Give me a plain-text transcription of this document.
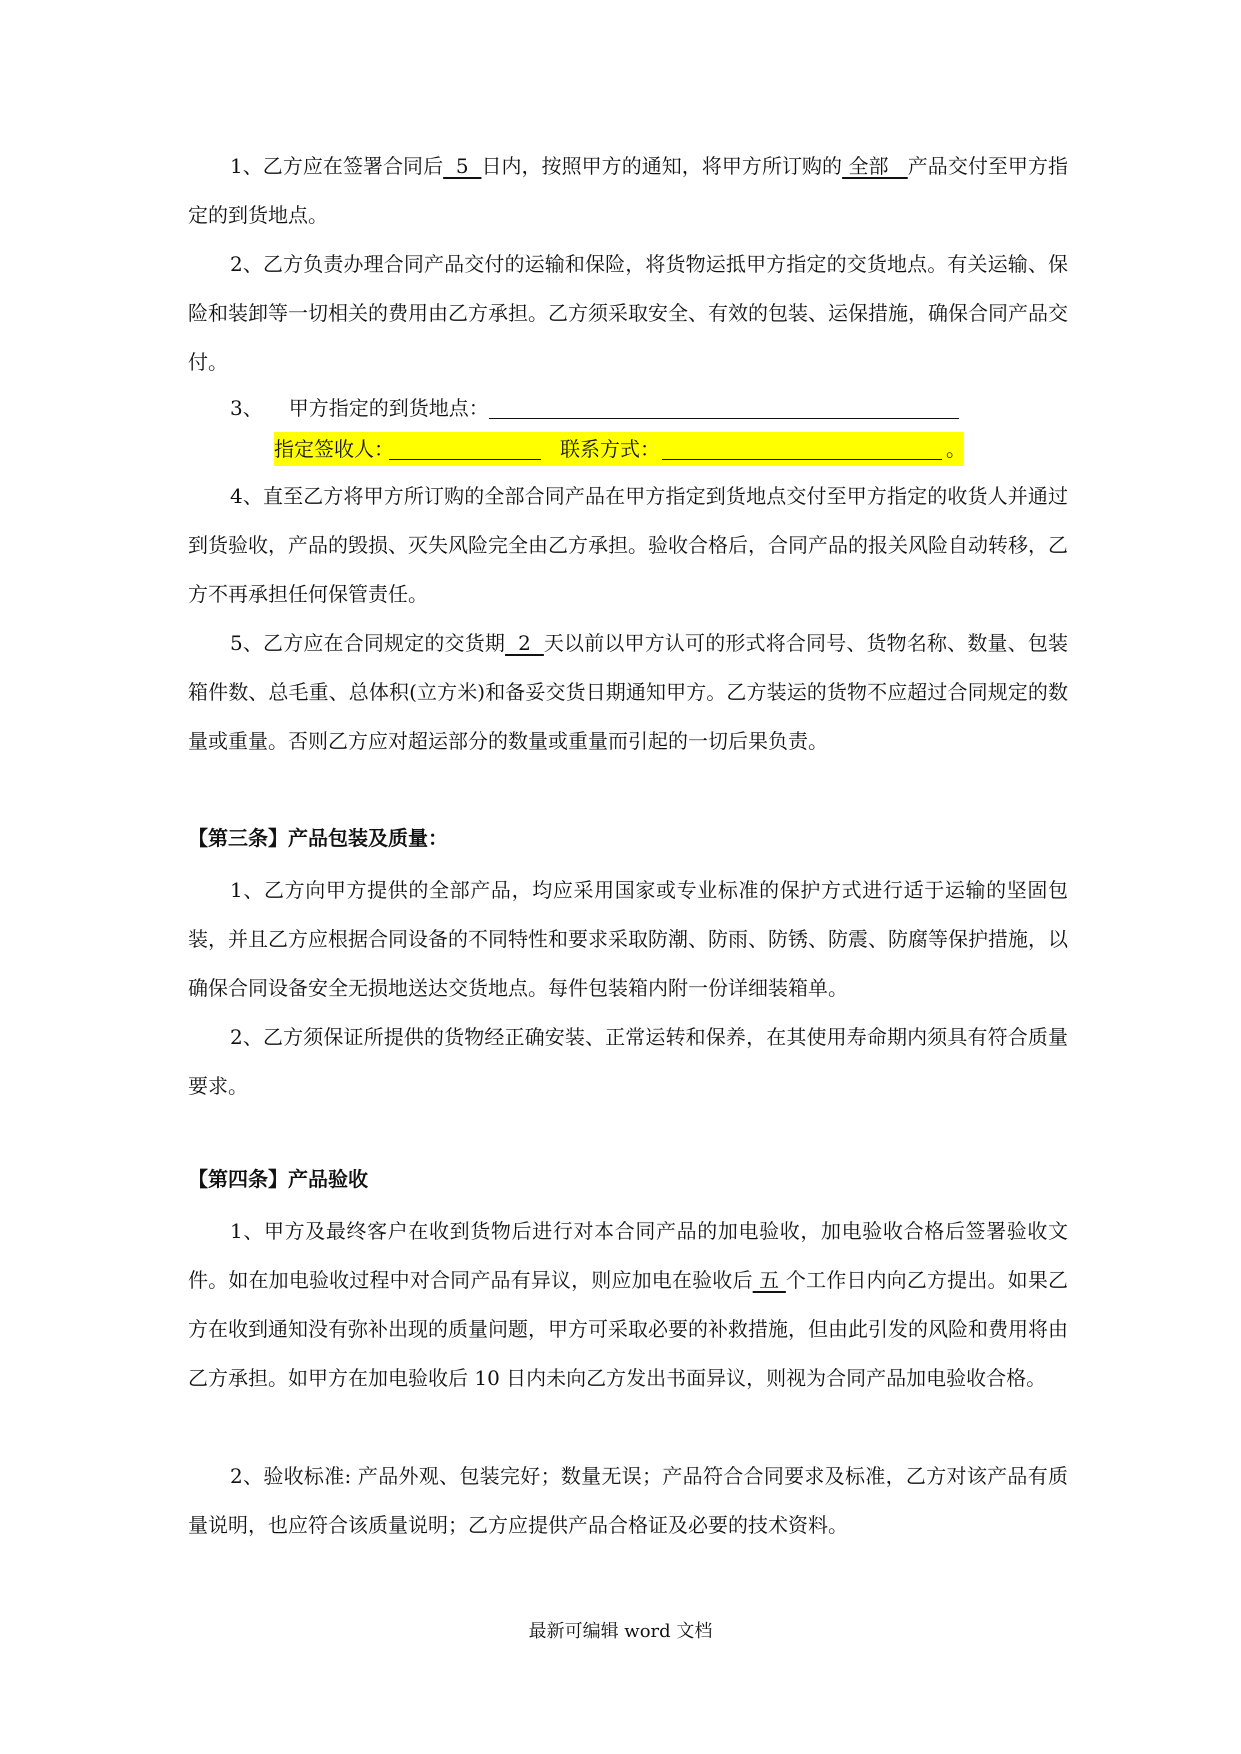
1、乙方应在签署合同后  5  日内，按照甲方的通知，将甲方所订购的 全部   产品交付至甲方指定的到货地点。

2、乙方负责办理合同产品交付的运输和保险，将货物运抵甲方指定的交货地点。有关运输、保险和装卸等一切相关的费用由乙方承担。乙方须采取安全、有效的包装、运保措施，确保合同产品交付。

3、 甲方指定的到货地点：
指定签收人：	联系方式：	。

4、直至乙方将甲方所订购的全部合同产品在甲方指定到货地点交付至甲方指定的收货人并通过到货验收，产品的毁损、灭失风险完全由乙方承担。验收合格后，合同产品的报关风险自动转移，乙方不再承担任何保管责任。

5、乙方应在合同规定的交货期  2  天以前以甲方认可的形式将合同号、货物名称、数量、包装箱件数、总毛重、总体积(立方米)和备妥交货日期通知甲方。乙方装运的货物不应超过合同规定的数量或重量。否则乙方应对超运部分的数量或重量而引起的一切后果负责。

【第三条】产品包装及质量：

1、乙方向甲方提供的全部产品，均应采用国家或专业标准的保护方式进行适于运输的坚固包装，并且乙方应根据合同设备的不同特性和要求采取防潮、防雨、防锈、防震、防腐等保护措施，以确保合同设备安全无损地送达交货地点。每件包装箱内附一份详细装箱单。

2、乙方须保证所提供的货物经正确安装、正常运转和保养，在其使用寿命期内须具有符合质量要求。

【第四条】产品验收

1、甲方及最终客户在收到货物后进行对本合同产品的加电验收，加电验收合格后签署验收文件。如在加电验收过程中对合同产品有异议，则应加电在验收后 五 个工作日内向乙方提出。如果乙方在收到通知没有弥补出现的质量问题，甲方可采取必要的补救措施，但由此引发的风险和费用将由乙方承担。如甲方在加电验收后 10 日内未向乙方发出书面异议，则视为合同产品加电验收合格。

2、验收标准: 产品外观、包装完好；数量无误；产品符合合同要求及标准，乙方对该产品有质量说明，也应符合该质量说明；乙方应提供产品合格证及必要的技术资料。

最新可编辑 word 文档
